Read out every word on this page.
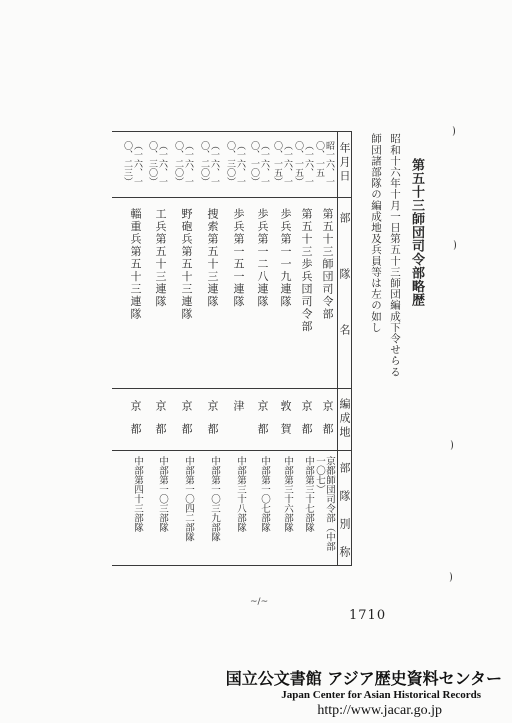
第五十三師団司令部略歴
昭和十六年十月一日第五十三師団編成下令せらる
師団諸部隊の編成地及兵員等は左の如し
年月日
部　隊　名
編成地
部　隊　別　称
昭一六、一〇、一五
第五十三師団司令部
京都
京都師団司令部（中部一〇七）
（一六、一〇、一五）
第五十三歩兵団司令部
京都
中部第三十七部隊
（一六、一〇、一五）
歩兵第一一九連隊
敦賀
中部第三十六部隊
（一六、一〇、一〇）
歩兵第一二八連隊
京都
中部第一〇七部隊
（一六、一〇、三〇）
歩兵第一五一連隊
津
中部第三十八部隊
（一六、一〇、二〇）
捜索第五十三連隊
京都
中部第一〇三九部隊
（一六、一〇、二〇）
野砲兵第五十三連隊
京都
中部第一〇四二部隊
（一六、一〇、三〇）
工兵第五十三連隊
京都
中部第一〇三部隊
（一六、一〇、二三）
輜重兵第五十三連隊
京都
中部第四十三部隊
~/~
1710
国立公文書館 アジア歴史資料センター
Japan Center for Asian Historical Records
http://www.jacar.go.jp
